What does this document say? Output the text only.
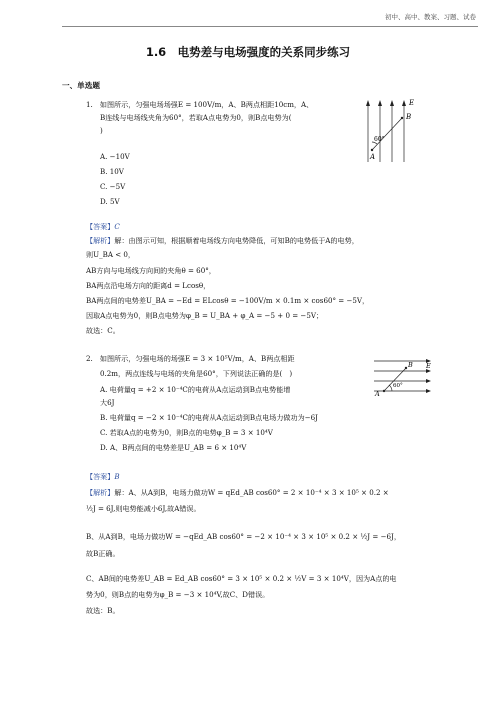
初中、高中、教案、习题、试卷
1.6　电势差与电场强度的关系同步练习
一、单选题
1.　如图所示，匀强电场场强E = 100V/m，A、B两点相距10cm，A、
B连线与电场线夹角为60°，若取A点电势为0，则B点电势为(
)
A. −10V
B. 10V
C. −5V
D. 5V
E
B
A
60°
【答案】C
【解析】解：由图示可知，根据顺着电场线方向电势降低，可知B的电势低于A的电势，
则U_BA < 0，
AB方向与电场线方向间的夹角θ = 60°，
BA两点沿电场方向的距离d = Lcosθ，
BA两点间的电势差U_BA = −Ed = ELcosθ = −100V/m × 0.1m × cos60° = −5V，
因取A点电势为0，则B点电势为φ_B = U_BA + φ_A = −5 + 0 = −5V；
故选：C。
2.　如图所示，匀强电场的场强E = 3 × 10⁵V/m，A、B两点相距
0.2m，两点连线与电场的夹角是60°，下列说法正确的是(　)
A. 电荷量q = +2 × 10⁻⁴C的电荷从A点运动到B点电势能增
大6J
B. 电荷量q = −2 × 10⁻⁴C的电荷从A点运动到B点电场力做功为−6J
C. 若取A点的电势为0，则B点的电势φ_B = 3 × 10⁴V
D. A、B两点间的电势差是U_AB = 6 × 10⁴V
E
B
A
60°
【答案】B
【解析】解：A、从A到B，电场力做功W = qEd_AB cos60° = 2 × 10⁻⁴ × 3 × 10⁵ × 0.2 ×
½J = 6J,则电势能减小6J,故A错误。
B、从A到B，电场力做功W = −qEd_AB cos60° = −2 × 10⁻⁴ × 3 × 10⁵ × 0.2 × ½J = −6J，
故B正确。
C、AB间的电势差U_AB = Ed_AB cos60° = 3 × 10⁵ × 0.2 × ½V = 3 × 10⁴V，因为A点的电
势为0，则B点的电势为φ_B = −3 × 10⁴V,故C、D错误。
故选：B。
